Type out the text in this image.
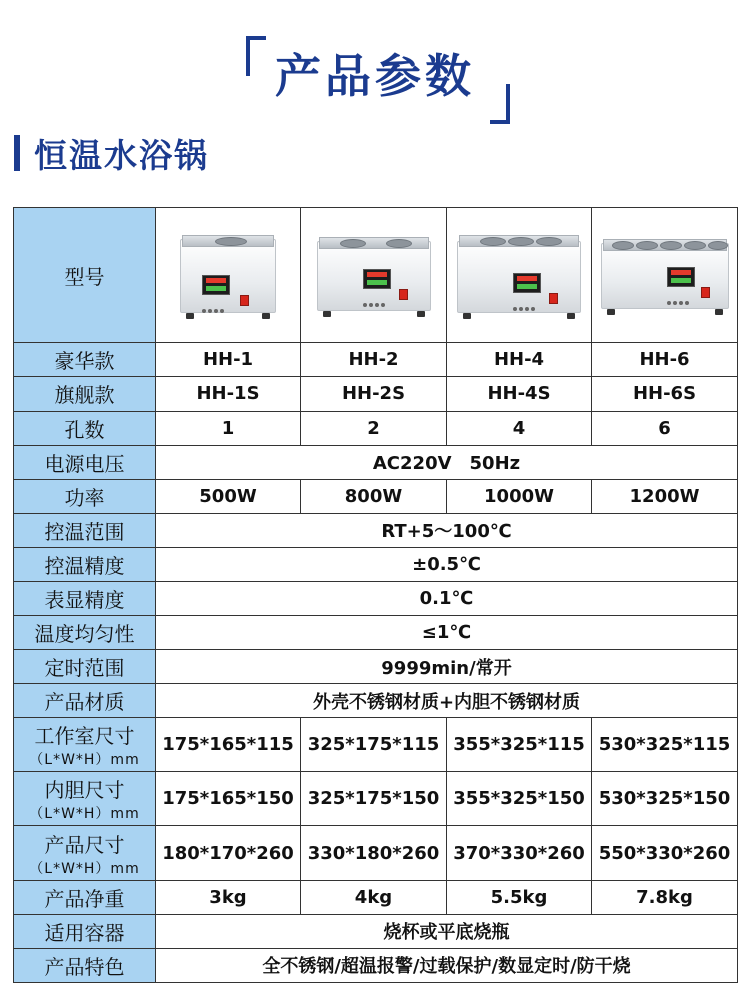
产品参数
恒温水浴锅
型号	

豪华款	HH-1	HH-2	HH-4	HH-6
旗舰款	HH-1S	HH-2S	HH-4S	HH-6S
孔数	1	2	4	6
电源电压	AC220V　50Hz			
功率	500W	800W	1000W	1200W
控温范围	RT+5～100℃			
控温精度	±0.5℃			
表显精度	0.1℃			
温度均匀性	≤1℃			
定时范围	9999min/常开			
产品材质	外壳不锈钢材质+内胆不锈钢材质			
工作室尺寸
（L*W*H）mm	175*165*115	325*175*115	355*325*115	530*325*115
内胆尺寸
（L*W*H）mm	175*165*150	325*175*150	355*325*150	530*325*150
产品尺寸
（L*W*H）mm	180*170*260	330*180*260	370*330*260	550*330*260
产品净重	3kg	4kg	5.5kg	7.8kg
适用容器	烧杯或平底烧瓶			
产品特色	全不锈钢/超温报警/过载保护/数显定时/防干烧			
